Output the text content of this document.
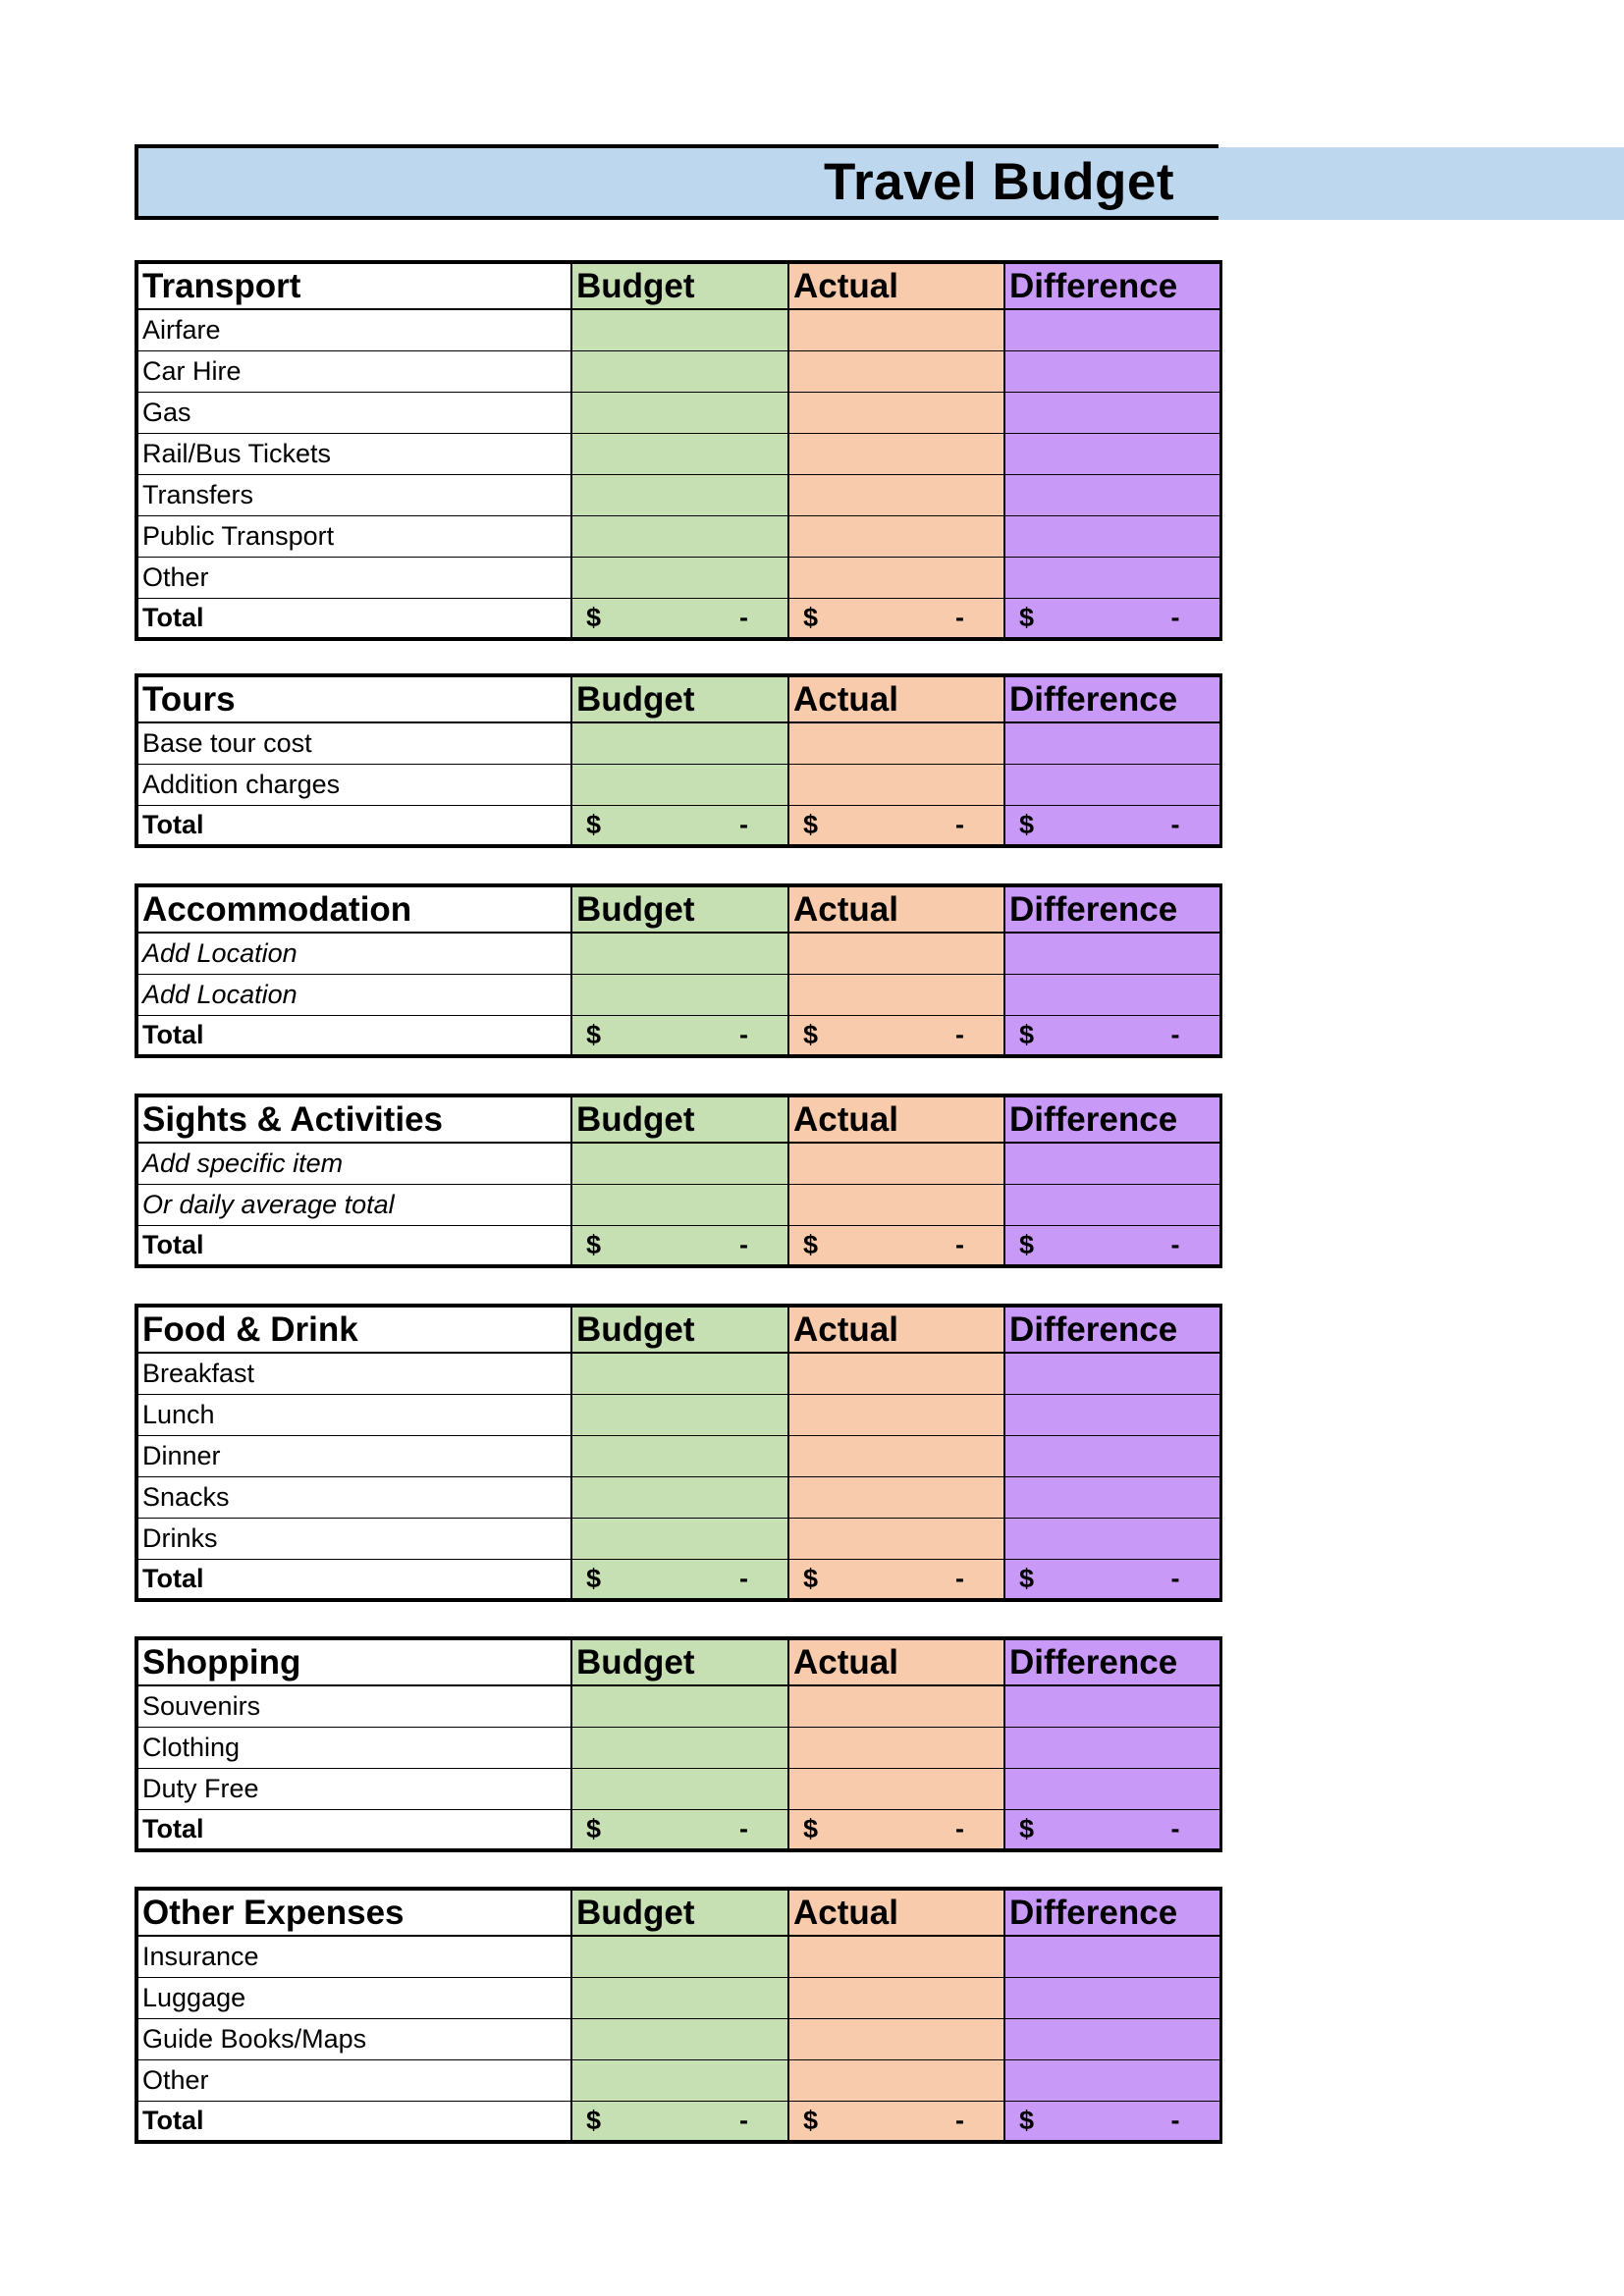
Travel Budget
Transport	Budget	Actual	Difference
Airfare			
Car Hire			
Gas			
Rail/Bus Tickets			
Transfers			
Public Transport			
Other			
Total	$ -	$ -	$ -
Tours	Budget	Actual	Difference
Base tour cost			
Addition charges			
Total	$ -	$ -	$ -
Accommodation	Budget	Actual	Difference
Add Location			
Add Location			
Total	$ -	$ -	$ -
Sights & Activities	Budget	Actual	Difference
Add specific item			
Or daily average total			
Total	$ -	$ -	$ -
Food & Drink	Budget	Actual	Difference
Breakfast			
Lunch			
Dinner			
Snacks			
Drinks			
Total	$ -	$ -	$ -
Shopping	Budget	Actual	Difference
Souvenirs			
Clothing			
Duty Free			
Total	$ -	$ -	$ -
Other Expenses	Budget	Actual	Difference
Insurance			
Luggage			
Guide Books/Maps			
Other			
Total	$ -	$ -	$ -
